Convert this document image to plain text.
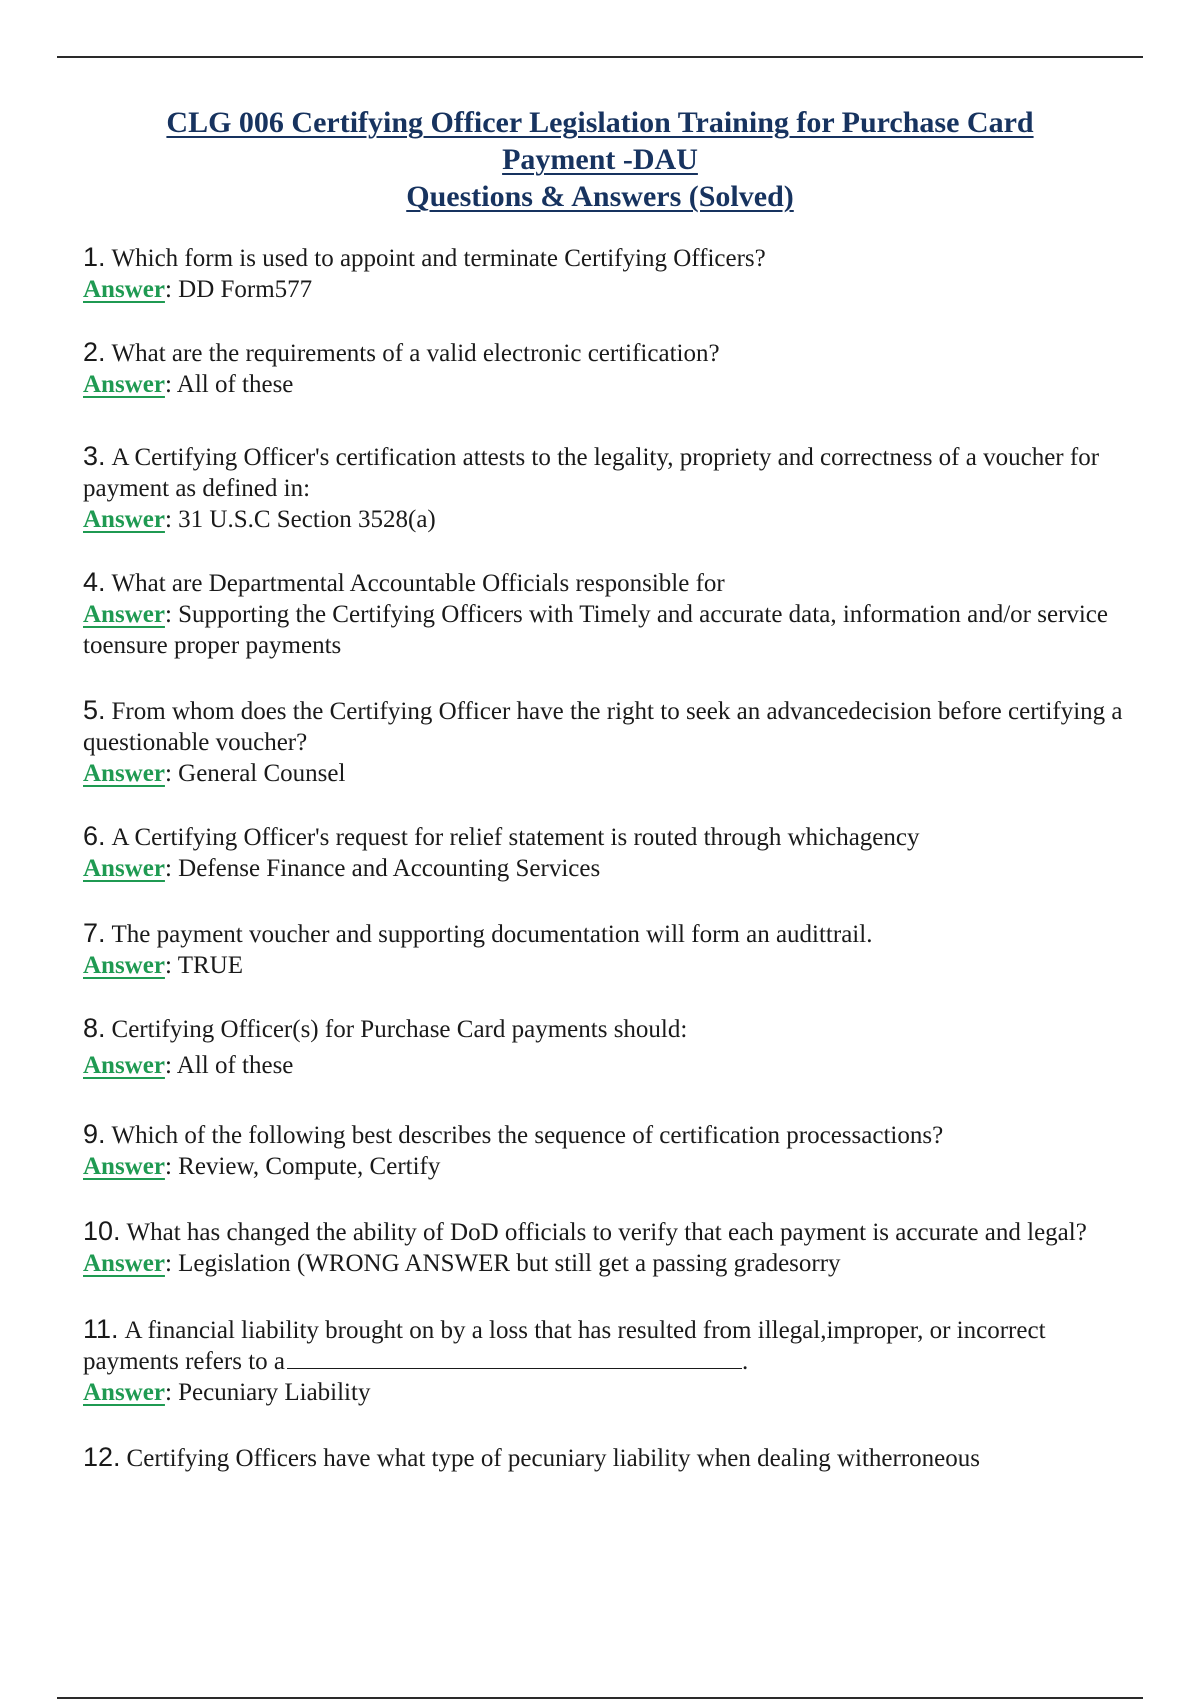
CLG 006 Certifying Officer Legislation Training for Purchase Card
Payment -DAU
Questions & Answers (Solved)
1. Which form is used to appoint and terminate Certifying Officers?
Answer: DD Form577
2. What are the requirements of a valid electronic certification?
Answer: All of these
3. A Certifying Officer's certification attests to the legality, propriety and correctness of a voucher for payment as defined in:
Answer: 31 U.S.C Section 3528(a)
4. What are Departmental Accountable Officials responsible for
Answer: Supporting the Certifying Officers with Timely and accurate data, information and/or service toensure proper payments
5. From whom does the Certifying Officer have the right to seek an advancedecision before certifying a questionable voucher?
Answer: General Counsel
6. A Certifying Officer's request for relief statement is routed through whichagency
Answer: Defense Finance and Accounting Services
7. The payment voucher and supporting documentation will form an audittrail.
Answer: TRUE
8. Certifying Officer(s) for Purchase Card payments should:
Answer: All of these
9. Which of the following best describes the sequence of certification processactions?
Answer: Review, Compute, Certify
10. What has changed the ability of DoD officials to verify that each payment is accurate and legal?
Answer: Legislation (WRONG ANSWER but still get a passing gradesorry
11. A financial liability brought on by a loss that has resulted from illegal,improper, or incorrect payments refers to a	.
Answer: Pecuniary Liability
12. Certifying Officers have what type of pecuniary liability when dealing witherroneous
